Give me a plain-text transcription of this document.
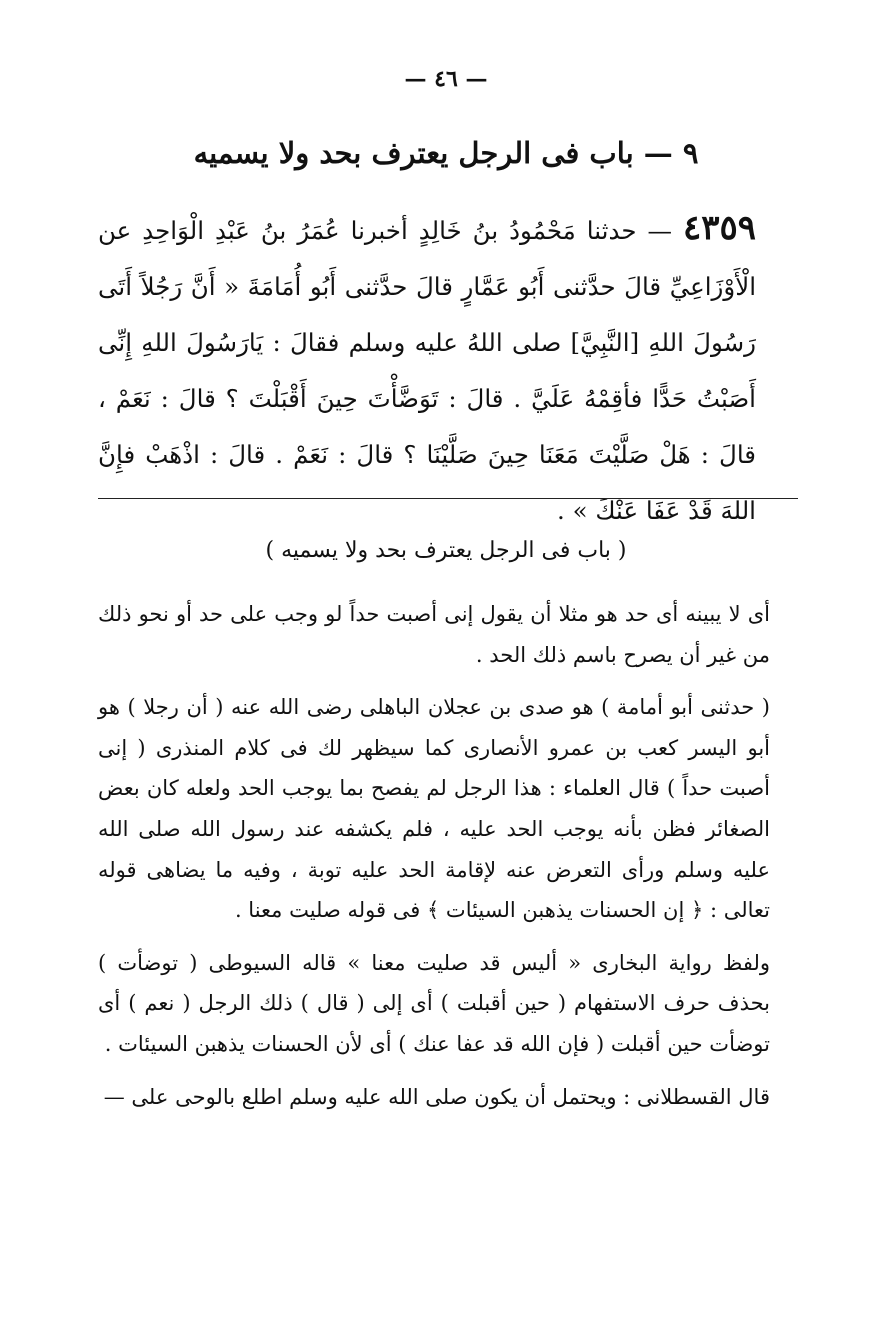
— ٤٦ —
٩ — باب فى الرجل يعترف بحد ولا يسميه
٤٣٥٩ — حدثنا مَحْمُودُ بنُ خَالِدٍ أخبرنا عُمَرُ بنُ عَبْدِ الْوَاحِدِ عن الْأَوْزَاعِيِّ قالَ حدَّثنى أَبُو عَمَّارٍ قالَ حدَّثنى أَبُو أُمَامَةَ « أَنَّ رَجُلاً أَتَى رَسُولَ اللهِ [النَّبِيَّ] صلى اللهُ عليه وسلم فقالَ : يَارَسُولَ اللهِ إِنِّى أَصَبْتُ حَدًّا فأقِمْهُ عَلَيَّ . قالَ : تَوَضَّأْتَ حِينَ أَقْبَلْتَ ؟ قالَ : نَعَمْ ، قالَ : هَلْ صَلَّيْتَ مَعَنَا حِينَ صَلَّيْنَا ؟ قالَ : نَعَمْ . قالَ : اذْهَبْ فإِنَّ اللهَ قَدْ عَفَا عَنْكَ » .
( باب فى الرجل يعترف بحد ولا يسميه )

أى لا يبينه أى حد هو مثلا أن يقول إنى أصبت حداً لو وجب على حد أو نحو ذلك من غير أن يصرح باسم ذلك الحد .

( حدثنى أبو أمامة ) هو صدى بن عجلان الباهلى رضى الله عنه ( أن رجلا ) هو أبو اليسر كعب بن عمرو الأنصارى كما سيظهر لك فى كلام المنذرى ( إنى أصبت حداً ) قال العلماء : هذا الرجل لم يفصح بما يوجب الحد ولعله كان بعض الصغائر فظن بأنه يوجب الحد عليه ، فلم يكشفه عند رسول الله صلى الله عليه وسلم ورأى التعرض عنه لإقامة الحد عليه توبة ، وفيه ما يضاهى قوله تعالى : ﴿ إن الحسنات يذهبن السيئات ﴾ فى قوله صليت معنا .

ولفظ رواية البخارى « أليس قد صليت معنا » قاله السيوطى ( توضأت ) بحذف حرف الاستفهام ( حين أقبلت ) أى إلى ( قال ) ذلك الرجل ( نعم ) أى توضأت حين أقبلت ( فإن الله قد عفا عنك ) أى لأن الحسنات يذهبن السيئات .

قال القسطلانى : ويحتمل أن يكون صلى الله عليه وسلم اطلع بالوحى على —
